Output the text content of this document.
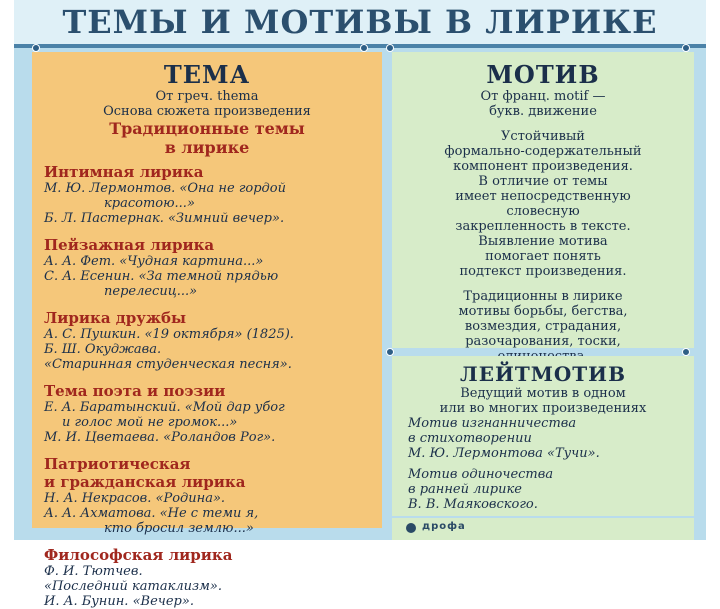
ТЕМЫ И МОТИВЫ В ЛИРИКЕ
ТЕМА
От греч. thema
Основа сюжета произведения
Традиционные темы
в лирике
Интимная лирика
М. Ю. Лермонтов. «Она не гордой
красотою...»
Б. Л. Пастернак. «Зимний вечер».
Пейзажная лирика
А. А. Фет. «Чудная картина...»
С. А. Есенин. «За темной прядью
перелесиц...»
Лирика дружбы
А. С. Пушкин. «19 октября» (1825).
Б. Ш. Окуджава.
«Старинная студенческая песня».
Тема поэта и поэзии
Е. А. Баратынский. «Мой дар убог
и голос мой не громок...»
М. И. Цветаева. «Роландов Рог».
Патриотическая
и гражданская лирика
Н. А. Некрасов. «Родина».
А. А. Ахматова. «Не с теми я,
кто бросил землю...»
Философская лирика
Ф. И. Тютчев.
«Последний катаклизм».
И. А. Бунин. «Вечер».
МОТИВ
От франц. motif —
букв. движение
Устойчивый
формально-содержательный
компонент произведения.
В отличие от темы
имеет непосредственную
словесную
закрепленность в тексте.
Выявление мотива
помогает понять
подтекст произведения.
Традиционны в лирике
мотивы борьбы, бегства,
возмездия, страдания,
разочарования, тоски,
ЛЕЙТМОТИВ
Ведущий мотив в одном
или во многих произведениях
Мотив изгнанничества
в стихотворении
М. Ю. Лермонтова «Тучи».
Мотив одиночества
в ранней лирике
В. В. Маяковского.
дрофа
